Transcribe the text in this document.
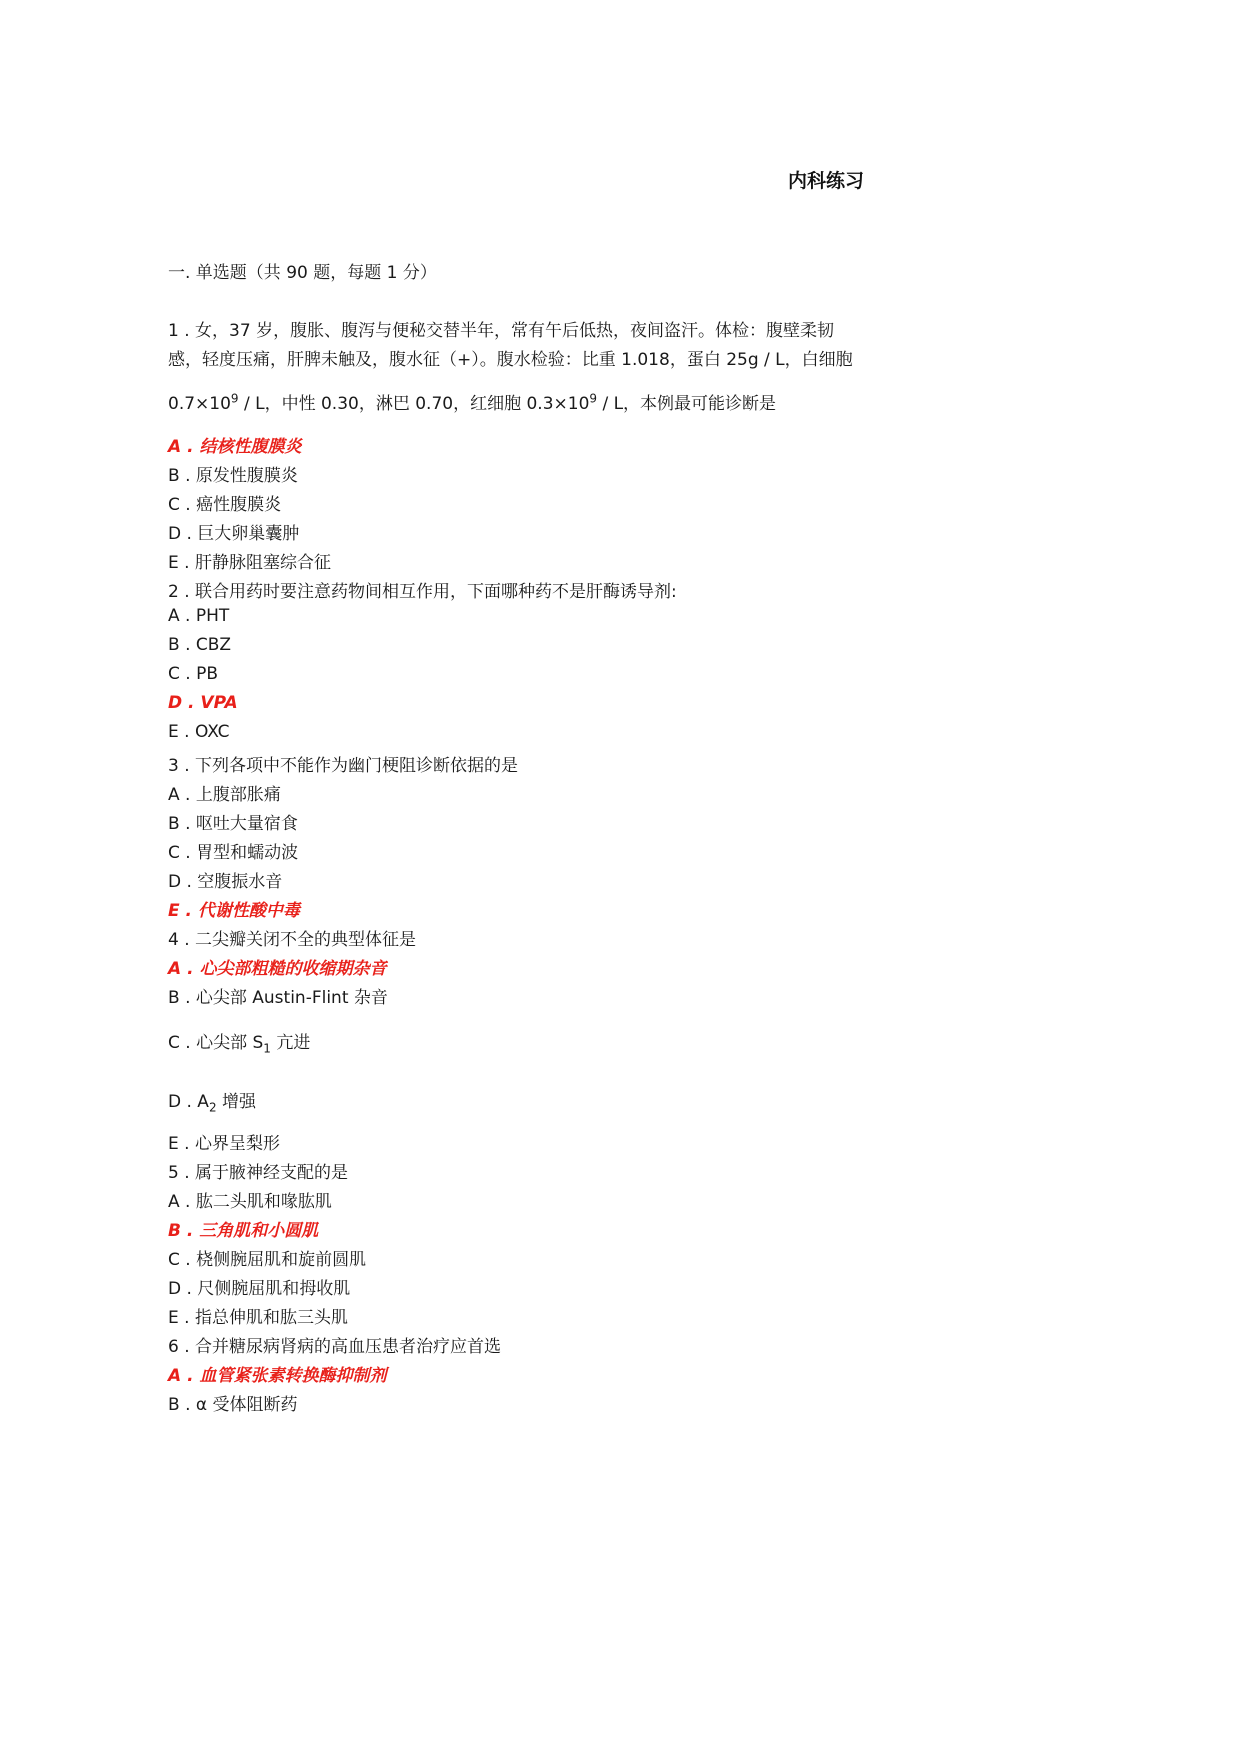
内科练习
一. 单选题（共 90 题，每题 1 分）
1 . 女，37 岁，腹胀、腹泻与便秘交替半年，常有午后低热，夜间盗汗。体检：腹壁柔韧
感，轻度压痛，肝脾未触及，腹水征（+）。腹水检验：比重 1.018，蛋白 25g / L，白细胞
$0.7\times 10^9 / L$，中性 0.30，淋巴 0.70，红细胞 $0.3\times 10^9 / L$，本例最可能诊断是
A . 结核性腹膜炎
B . 原发性腹膜炎
C . 癌性腹膜炎
D . 巨大卵巢囊肿
E . 肝静脉阻塞综合征
2 . 联合用药时要注意药物间相互作用，下面哪种药不是肝酶诱导剂:
A . PHT
B . CBZ
C . PB
D . VPA
E . OXC
3 . 下列各项中不能作为幽门梗阻诊断依据的是
A . 上腹部胀痛
B . 呕吐大量宿食
C . 胃型和蠕动波
D . 空腹振水音
E . 代谢性酸中毒
4 . 二尖瓣关闭不全的典型体征是
A . 心尖部粗糙的收缩期杂音
B . 心尖部 Austin-Flint 杂音
C . 心尖部 $S_1$ 亢进
D . $A_2$ 增强
E . 心界呈梨形
5 . 属于腋神经支配的是
A . 肱二头肌和喙肱肌
B . 三角肌和小圆肌
C . 桡侧腕屈肌和旋前圆肌
D . 尺侧腕屈肌和拇收肌
E . 指总伸肌和肱三头肌
6 . 合并糖尿病肾病的高血压患者治疗应首选
A . 血管紧张素转换酶抑制剂
B . α 受体阻断药
